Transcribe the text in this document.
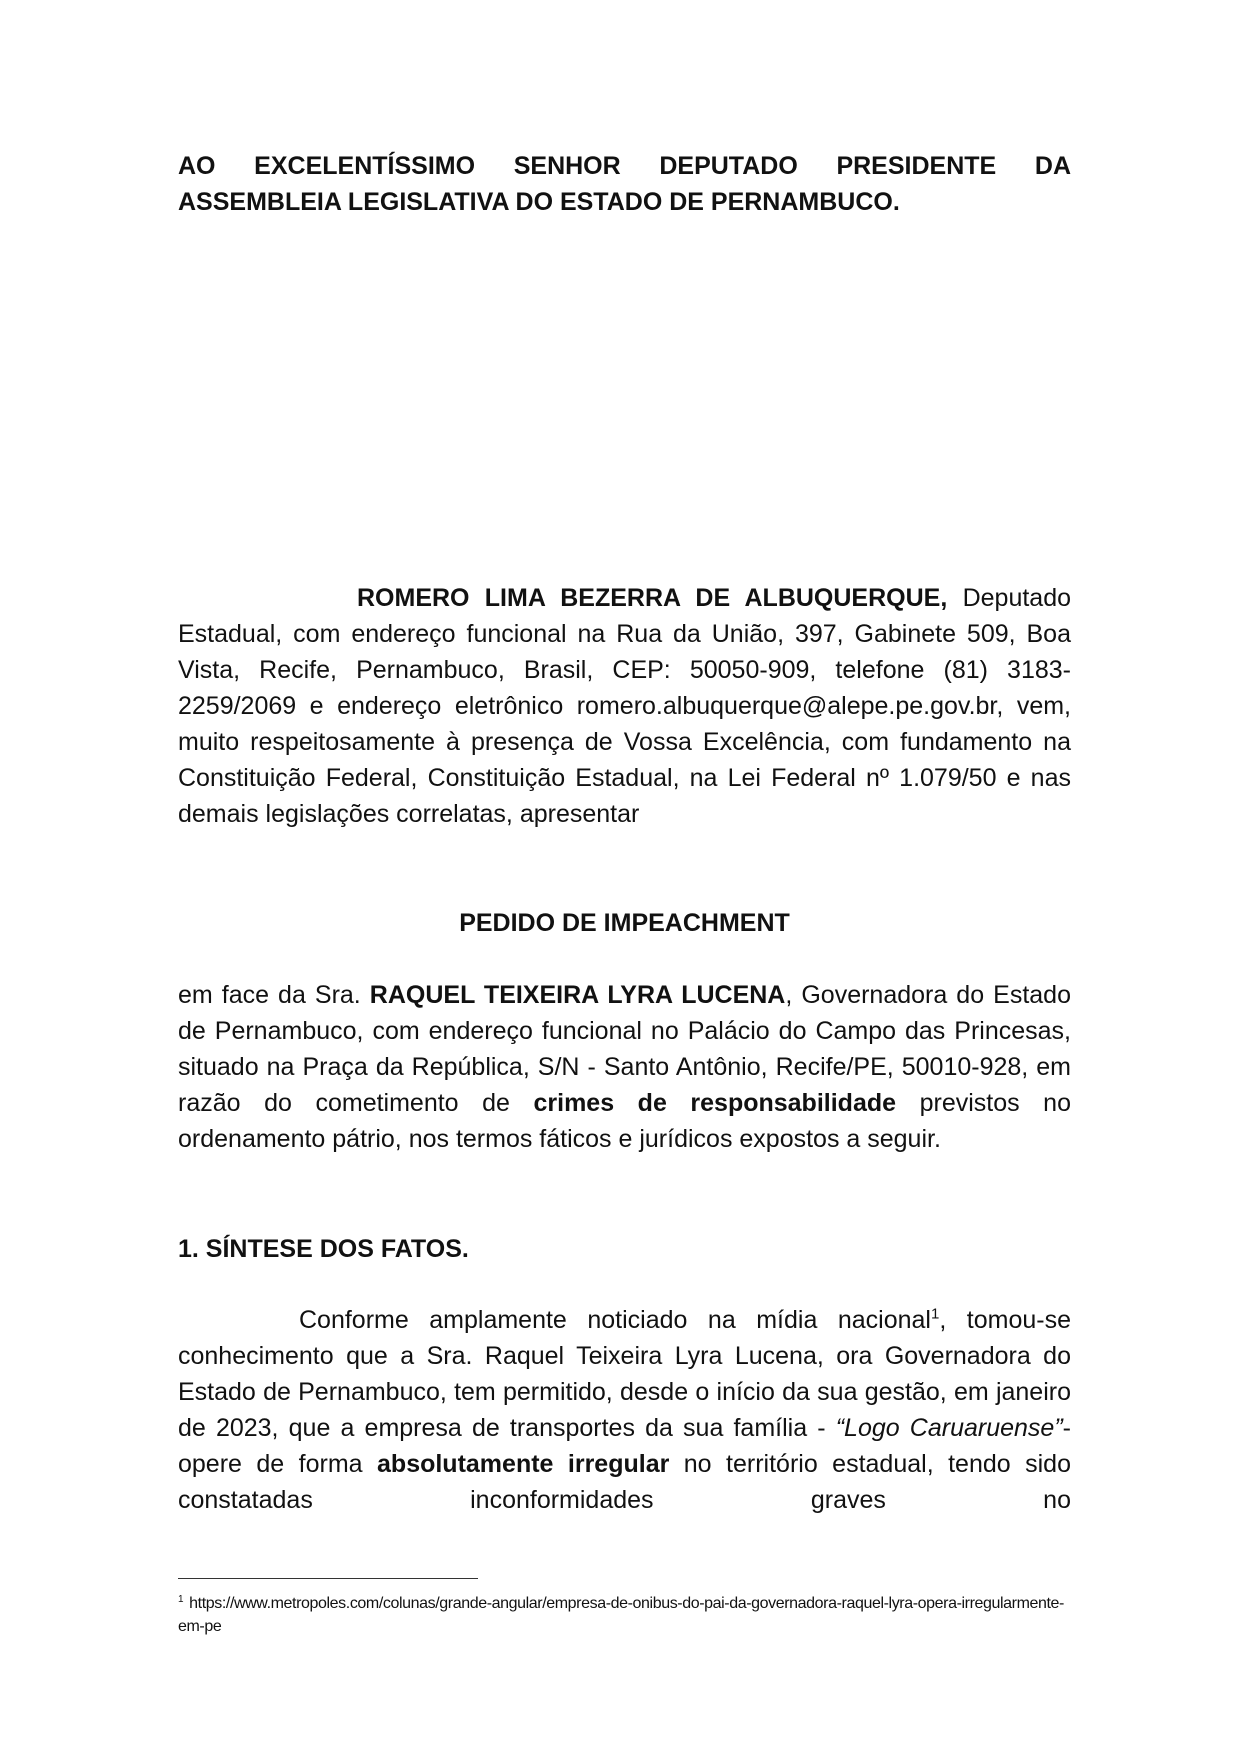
AO EXCELENTÍSSIMO SENHOR DEPUTADO PRESIDENTE DA
ASSEMBLEIA LEGISLATIVA DO ESTADO DE PERNAMBUCO.
ROMERO LIMA BEZERRA DE ALBUQUERQUE, Deputado Estadual, com endereço funcional na Rua da União, 397, Gabinete 509, Boa Vista, Recife, Pernambuco, Brasil, CEP: 50050-909, telefone (81) 3183-2259/2069 e endereço eletrônico romero.albuquerque@alepe.pe.gov.br, vem, muito respeitosamente à presença de Vossa Excelência, com fundamento na Constituição Federal, Constituição Estadual, na Lei Federal nº 1.079/50 e nas demais legislações correlatas, apresentar
PEDIDO DE IMPEACHMENT
em face da Sra. RAQUEL TEIXEIRA LYRA LUCENA, Governadora do Estado de Pernambuco, com endereço funcional no Palácio do Campo das Princesas, situado na Praça da República, S/N - Santo Antônio, Recife/PE, 50010-928, em razão do cometimento de crimes de responsabilidade previstos no ordenamento pátrio, nos termos fáticos e jurídicos expostos a seguir.
1. SÍNTESE DOS FATOS.
Conforme amplamente noticiado na mídia nacional$^1$, tomou-se conhecimento que a Sra. Raquel Teixeira Lyra Lucena, ora Governadora do Estado de Pernambuco, tem permitido, desde o início da sua gestão, em janeiro de 2023, que a empresa de transportes da sua família - “Logo Caruaruense”- opere de forma absolutamente irregular no território estadual, tendo sido constatadas inconformidades graves no
$^1$ https://www.metropoles.com/colunas/grande-angular/empresa-de-onibus-do-pai-da-governadora-raquel-lyra-opera-irregularmente-em-pe
